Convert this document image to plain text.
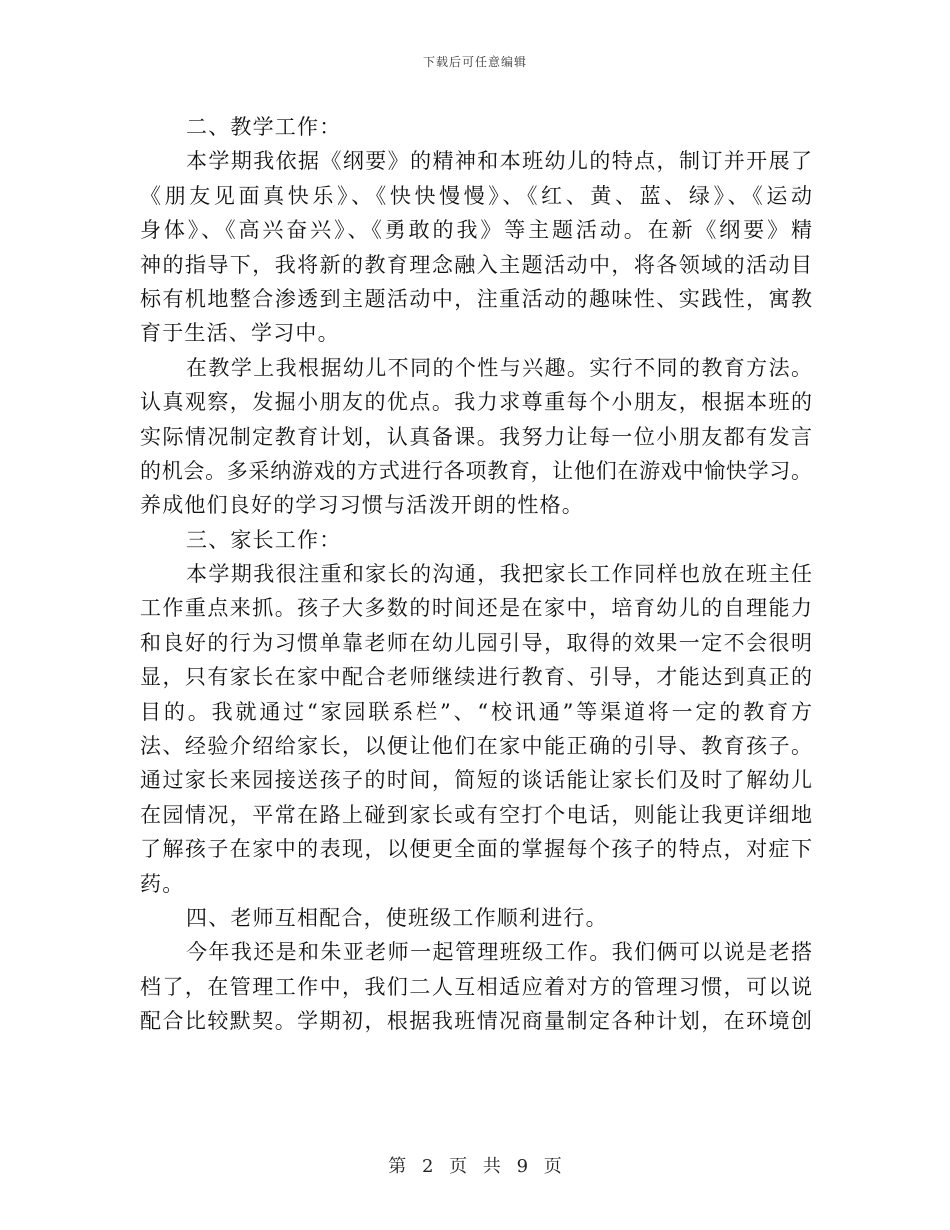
下载后可任意编辑
二、教学工作：
本学期我依据《纲要》的精神和本班幼儿的特点，制订并开展了
《朋友见面真快乐》、《快快慢慢》、《红、黄、蓝、绿》、《运动
身体》、《高兴奋兴》、《勇敢的我》等主题活动。在新《纲要》精
神的指导下，我将新的教育理念融入主题活动中，将各领域的活动目
标有机地整合渗透到主题活动中，注重活动的趣味性、实践性，寓教
育于生活、学习中。
在教学上我根据幼儿不同的个性与兴趣。实行不同的教育方法。
认真观察，发掘小朋友的优点。我力求尊重每个小朋友，根据本班的
实际情况制定教育计划，认真备课。我努力让每一位小朋友都有发言
的机会。多采纳游戏的方式进行各项教育，让他们在游戏中愉快学习。
养成他们良好的学习习惯与活泼开朗的性格。
三、家长工作：
本学期我很注重和家长的沟通，我把家长工作同样也放在班主任
工作重点来抓。孩子大多数的时间还是在家中，培育幼儿的自理能力
和良好的行为习惯单靠老师在幼儿园引导，取得的效果一定不会很明
显，只有家长在家中配合老师继续进行教育、引导，才能达到真正的
目的。我就通过“家园联系栏”、“校讯通”等渠道将一定的教育方
法、经验介绍给家长，以便让他们在家中能正确的引导、教育孩子。
通过家长来园接送孩子的时间，简短的谈话能让家长们及时了解幼儿
在园情况，平常在路上碰到家长或有空打个电话，则能让我更详细地
了解孩子在家中的表现，以便更全面的掌握每个孩子的特点，对症下
药。
四、老师互相配合，使班级工作顺利进行。
今年我还是和朱亚老师一起管理班级工作。我们俩可以说是老搭
档了，在管理工作中，我们二人互相适应着对方的管理习惯，可以说
配合比较默契。学期初，根据我班情况商量制定各种计划，在环境创
第 2 页 共 9 页
